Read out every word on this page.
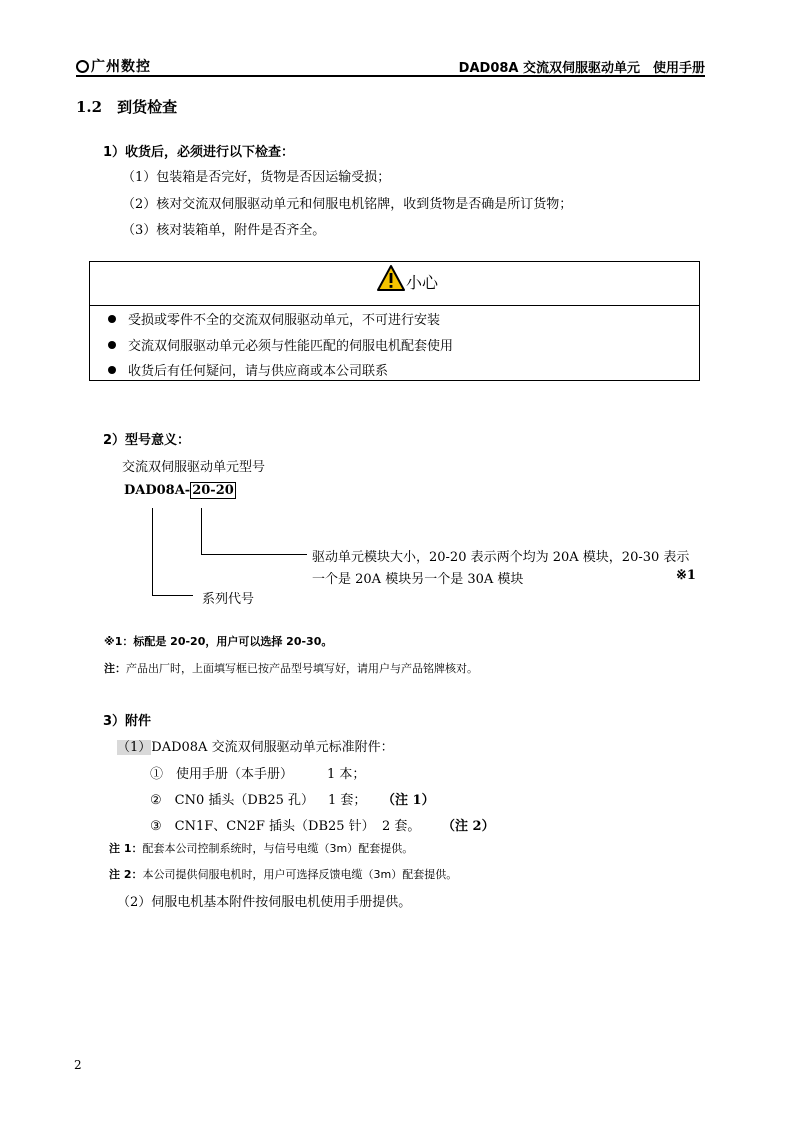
广州数控	DAD08A 交流双伺服驱动单元　使用手册
1.2　 到货检查
1）收货后，必须进行以下检查：
（1）包装箱是否完好，货物是否因运输受损；
（2）核对交流双伺服驱动单元和伺服电机铭牌，收到货物是否确是所订货物；
（3）核对装箱单，附件是否齐全。
小心
受损或零件不全的交流双伺服驱动单元，不可进行安装
交流双伺服驱动单元必须与性能匹配的伺服电机配套使用
收货后有任何疑问，请与供应商或本公司联系
2）型号意义：
交流双伺服驱动单元型号
DAD08A- 20-20
驱动单元模块大小，20-20 表示两个均为 20A 模块，20-30 表示
一个是 20A 模块另一个是 30A 模块	※1
系列代号
※1：标配是 20-20，用户可以选择 20-30。
注：产品出厂时，上面填写框已按产品型号填写好，请用户与产品铭牌核对。
3）附件
（1）DAD08A 交流双伺服驱动单元标准附件：
①　 使用手册（本手册）	1 本；
②　 CN0 插头（DB25 孔） 1 套； （注 1）
③　 CN1F、CN2F 插头（DB25 针） 2 套。 （注 2）
注 1：配套本公司控制系统时，与信号电缆（3m）配套提供。
注 2：本公司提供伺服电机时，用户可选择反馈电缆（3m）配套提供。
（2）伺服电机基本附件按伺服电机使用手册提供。
2
